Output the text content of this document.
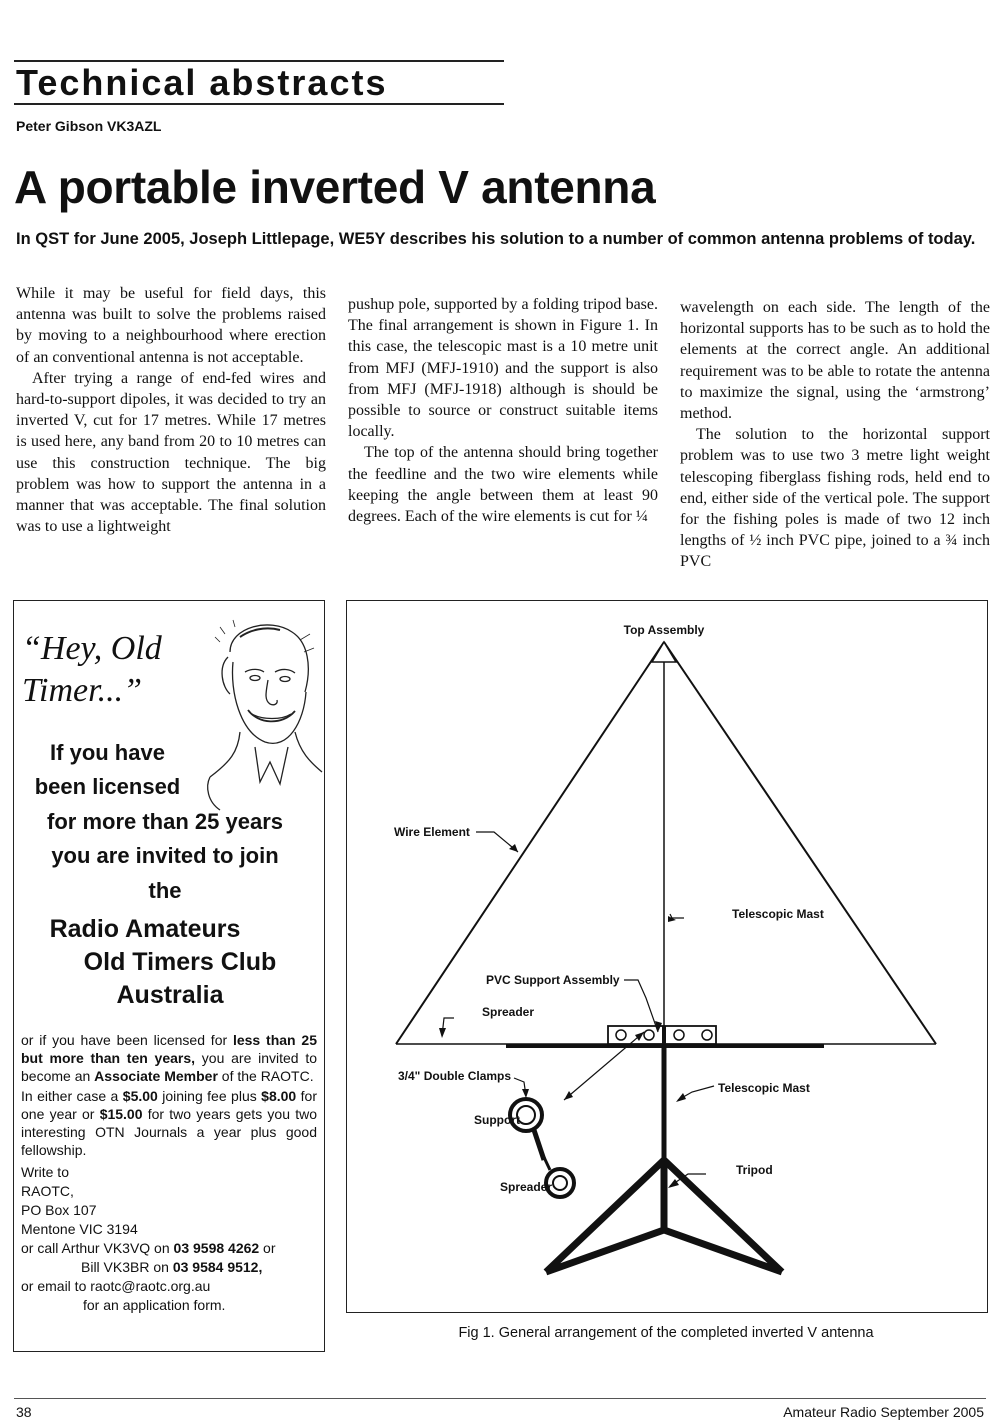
Technical abstracts
Peter Gibson VK3AZL
A portable inverted V antenna
In QST for June 2005, Joseph Littlepage, WE5Y describes his solution to a number of common antenna problems of today.

While it may be useful for field days, this antenna was built to solve the problems raised by moving to a neighbourhood where erection of an conventional antenna is not acceptable.

After trying a range of end-fed wires and hard-to-support dipoles, it was decided to try an inverted V, cut for 17 metres. While 17 metres is used here, any band from 20 to 10 metres can use this construction technique. The big problem was how to support the antenna in a manner that was acceptable. The final solution was to use a lightweight

pushup pole, supported by a folding tripod base. The final arrangement is shown in Figure 1. In this case, the telescopic mast is a 10 metre unit from MFJ (MFJ-1910) and the support is also from MFJ (MFJ-1918) although is should be possible to source or construct suitable items locally.

The top of the antenna should bring together the feedline and the two wire elements while keeping the angle between them at least 90 degrees. Each of the wire elements is cut for ¼

wavelength on each side. The length of the horizontal supports has to be such as to hold the elements at the correct angle. An additional requirement was to be able to rotate the antenna to maximize the signal, using the ‘armstrong’ method.

The solution to the horizontal support problem was to use two 3 metre light weight telescoping fiberglass fishing rods, held end to end, either side of the vertical pole. The support for the fishing poles is made of two 12 inch lengths of ½ inch PVC pipe, joined to a ¾ inch PVC

“Hey, Old
Timer...”
If you have
been licensed
for more than 25 years
you are invited to join
the
Radio Amateurs
Old Timers Club
Australia

or if you have been licensed for less than 25 but more than ten years, you are invited to become an Associate Member of the RAOTC.

In either case a $5.00 joining fee plus $8.00 for one year or $15.00 for two years gets you two interesting OTN Journals a year plus good fellowship.

Write to
RAOTC,
PO Box 107
Mentone VIC 3194
or call Arthur VK3VQ on 03 9598 4262 or
Bill VK3BR on 03 9584 9512,
or email to raotc@raotc.org.au
for an application form.
Top Assembly
Wire Element
Telescopic Mast
PVC Support Assembly
Spreader
3/4" Double Clamps
Telescopic Mast
Support
Tripod
Spreader
Fig 1. General arrangement of the completed inverted V antenna
38	Amateur Radio September 2005
